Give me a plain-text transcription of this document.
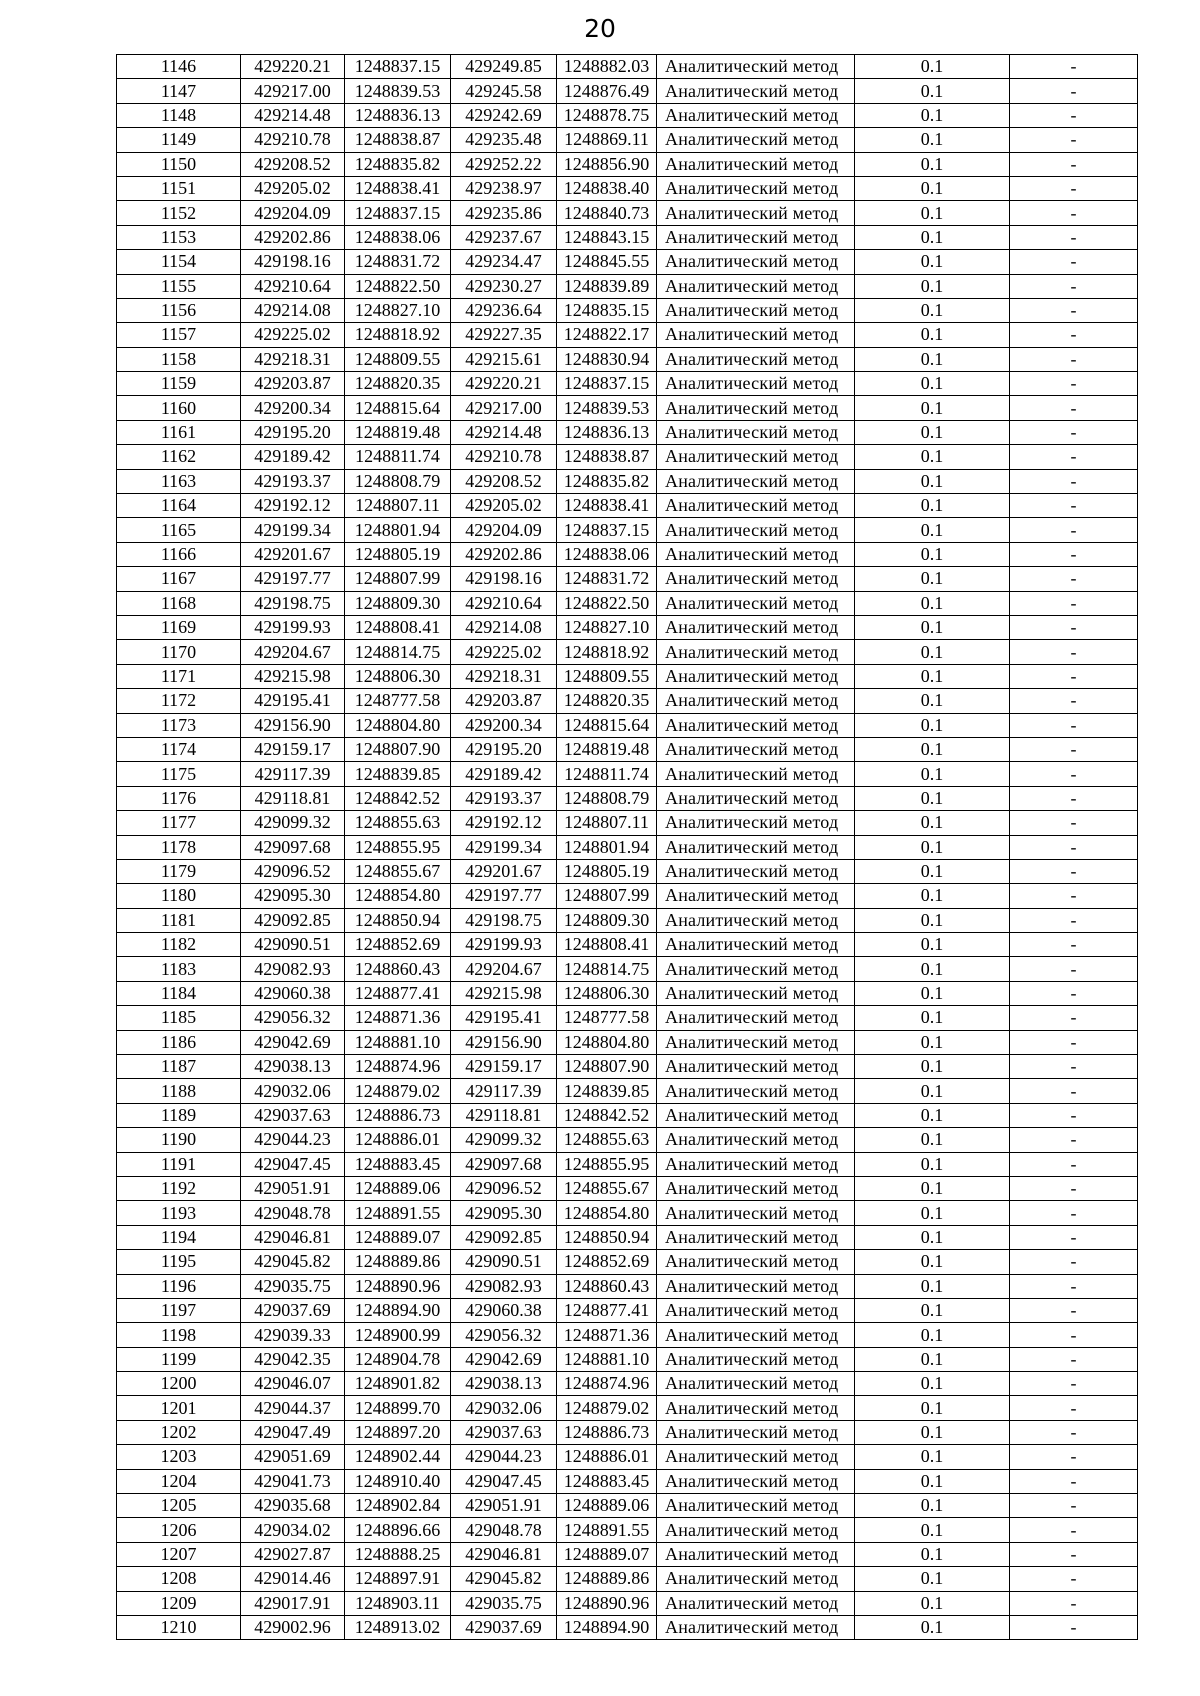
20
1146	429220.21	1248837.15	429249.85	1248882.03	Аналитический метод	0.1	-
1147	429217.00	1248839.53	429245.58	1248876.49	Аналитический метод	0.1	-
1148	429214.48	1248836.13	429242.69	1248878.75	Аналитический метод	0.1	-
1149	429210.78	1248838.87	429235.48	1248869.11	Аналитический метод	0.1	-
1150	429208.52	1248835.82	429252.22	1248856.90	Аналитический метод	0.1	-
1151	429205.02	1248838.41	429238.97	1248838.40	Аналитический метод	0.1	-
1152	429204.09	1248837.15	429235.86	1248840.73	Аналитический метод	0.1	-
1153	429202.86	1248838.06	429237.67	1248843.15	Аналитический метод	0.1	-
1154	429198.16	1248831.72	429234.47	1248845.55	Аналитический метод	0.1	-
1155	429210.64	1248822.50	429230.27	1248839.89	Аналитический метод	0.1	-
1156	429214.08	1248827.10	429236.64	1248835.15	Аналитический метод	0.1	-
1157	429225.02	1248818.92	429227.35	1248822.17	Аналитический метод	0.1	-
1158	429218.31	1248809.55	429215.61	1248830.94	Аналитический метод	0.1	-
1159	429203.87	1248820.35	429220.21	1248837.15	Аналитический метод	0.1	-
1160	429200.34	1248815.64	429217.00	1248839.53	Аналитический метод	0.1	-
1161	429195.20	1248819.48	429214.48	1248836.13	Аналитический метод	0.1	-
1162	429189.42	1248811.74	429210.78	1248838.87	Аналитический метод	0.1	-
1163	429193.37	1248808.79	429208.52	1248835.82	Аналитический метод	0.1	-
1164	429192.12	1248807.11	429205.02	1248838.41	Аналитический метод	0.1	-
1165	429199.34	1248801.94	429204.09	1248837.15	Аналитический метод	0.1	-
1166	429201.67	1248805.19	429202.86	1248838.06	Аналитический метод	0.1	-
1167	429197.77	1248807.99	429198.16	1248831.72	Аналитический метод	0.1	-
1168	429198.75	1248809.30	429210.64	1248822.50	Аналитический метод	0.1	-
1169	429199.93	1248808.41	429214.08	1248827.10	Аналитический метод	0.1	-
1170	429204.67	1248814.75	429225.02	1248818.92	Аналитический метод	0.1	-
1171	429215.98	1248806.30	429218.31	1248809.55	Аналитический метод	0.1	-
1172	429195.41	1248777.58	429203.87	1248820.35	Аналитический метод	0.1	-
1173	429156.90	1248804.80	429200.34	1248815.64	Аналитический метод	0.1	-
1174	429159.17	1248807.90	429195.20	1248819.48	Аналитический метод	0.1	-
1175	429117.39	1248839.85	429189.42	1248811.74	Аналитический метод	0.1	-
1176	429118.81	1248842.52	429193.37	1248808.79	Аналитический метод	0.1	-
1177	429099.32	1248855.63	429192.12	1248807.11	Аналитический метод	0.1	-
1178	429097.68	1248855.95	429199.34	1248801.94	Аналитический метод	0.1	-
1179	429096.52	1248855.67	429201.67	1248805.19	Аналитический метод	0.1	-
1180	429095.30	1248854.80	429197.77	1248807.99	Аналитический метод	0.1	-
1181	429092.85	1248850.94	429198.75	1248809.30	Аналитический метод	0.1	-
1182	429090.51	1248852.69	429199.93	1248808.41	Аналитический метод	0.1	-
1183	429082.93	1248860.43	429204.67	1248814.75	Аналитический метод	0.1	-
1184	429060.38	1248877.41	429215.98	1248806.30	Аналитический метод	0.1	-
1185	429056.32	1248871.36	429195.41	1248777.58	Аналитический метод	0.1	-
1186	429042.69	1248881.10	429156.90	1248804.80	Аналитический метод	0.1	-
1187	429038.13	1248874.96	429159.17	1248807.90	Аналитический метод	0.1	-
1188	429032.06	1248879.02	429117.39	1248839.85	Аналитический метод	0.1	-
1189	429037.63	1248886.73	429118.81	1248842.52	Аналитический метод	0.1	-
1190	429044.23	1248886.01	429099.32	1248855.63	Аналитический метод	0.1	-
1191	429047.45	1248883.45	429097.68	1248855.95	Аналитический метод	0.1	-
1192	429051.91	1248889.06	429096.52	1248855.67	Аналитический метод	0.1	-
1193	429048.78	1248891.55	429095.30	1248854.80	Аналитический метод	0.1	-
1194	429046.81	1248889.07	429092.85	1248850.94	Аналитический метод	0.1	-
1195	429045.82	1248889.86	429090.51	1248852.69	Аналитический метод	0.1	-
1196	429035.75	1248890.96	429082.93	1248860.43	Аналитический метод	0.1	-
1197	429037.69	1248894.90	429060.38	1248877.41	Аналитический метод	0.1	-
1198	429039.33	1248900.99	429056.32	1248871.36	Аналитический метод	0.1	-
1199	429042.35	1248904.78	429042.69	1248881.10	Аналитический метод	0.1	-
1200	429046.07	1248901.82	429038.13	1248874.96	Аналитический метод	0.1	-
1201	429044.37	1248899.70	429032.06	1248879.02	Аналитический метод	0.1	-
1202	429047.49	1248897.20	429037.63	1248886.73	Аналитический метод	0.1	-
1203	429051.69	1248902.44	429044.23	1248886.01	Аналитический метод	0.1	-
1204	429041.73	1248910.40	429047.45	1248883.45	Аналитический метод	0.1	-
1205	429035.68	1248902.84	429051.91	1248889.06	Аналитический метод	0.1	-
1206	429034.02	1248896.66	429048.78	1248891.55	Аналитический метод	0.1	-
1207	429027.87	1248888.25	429046.81	1248889.07	Аналитический метод	0.1	-
1208	429014.46	1248897.91	429045.82	1248889.86	Аналитический метод	0.1	-
1209	429017.91	1248903.11	429035.75	1248890.96	Аналитический метод	0.1	-
1210	429002.96	1248913.02	429037.69	1248894.90	Аналитический метод	0.1	-
